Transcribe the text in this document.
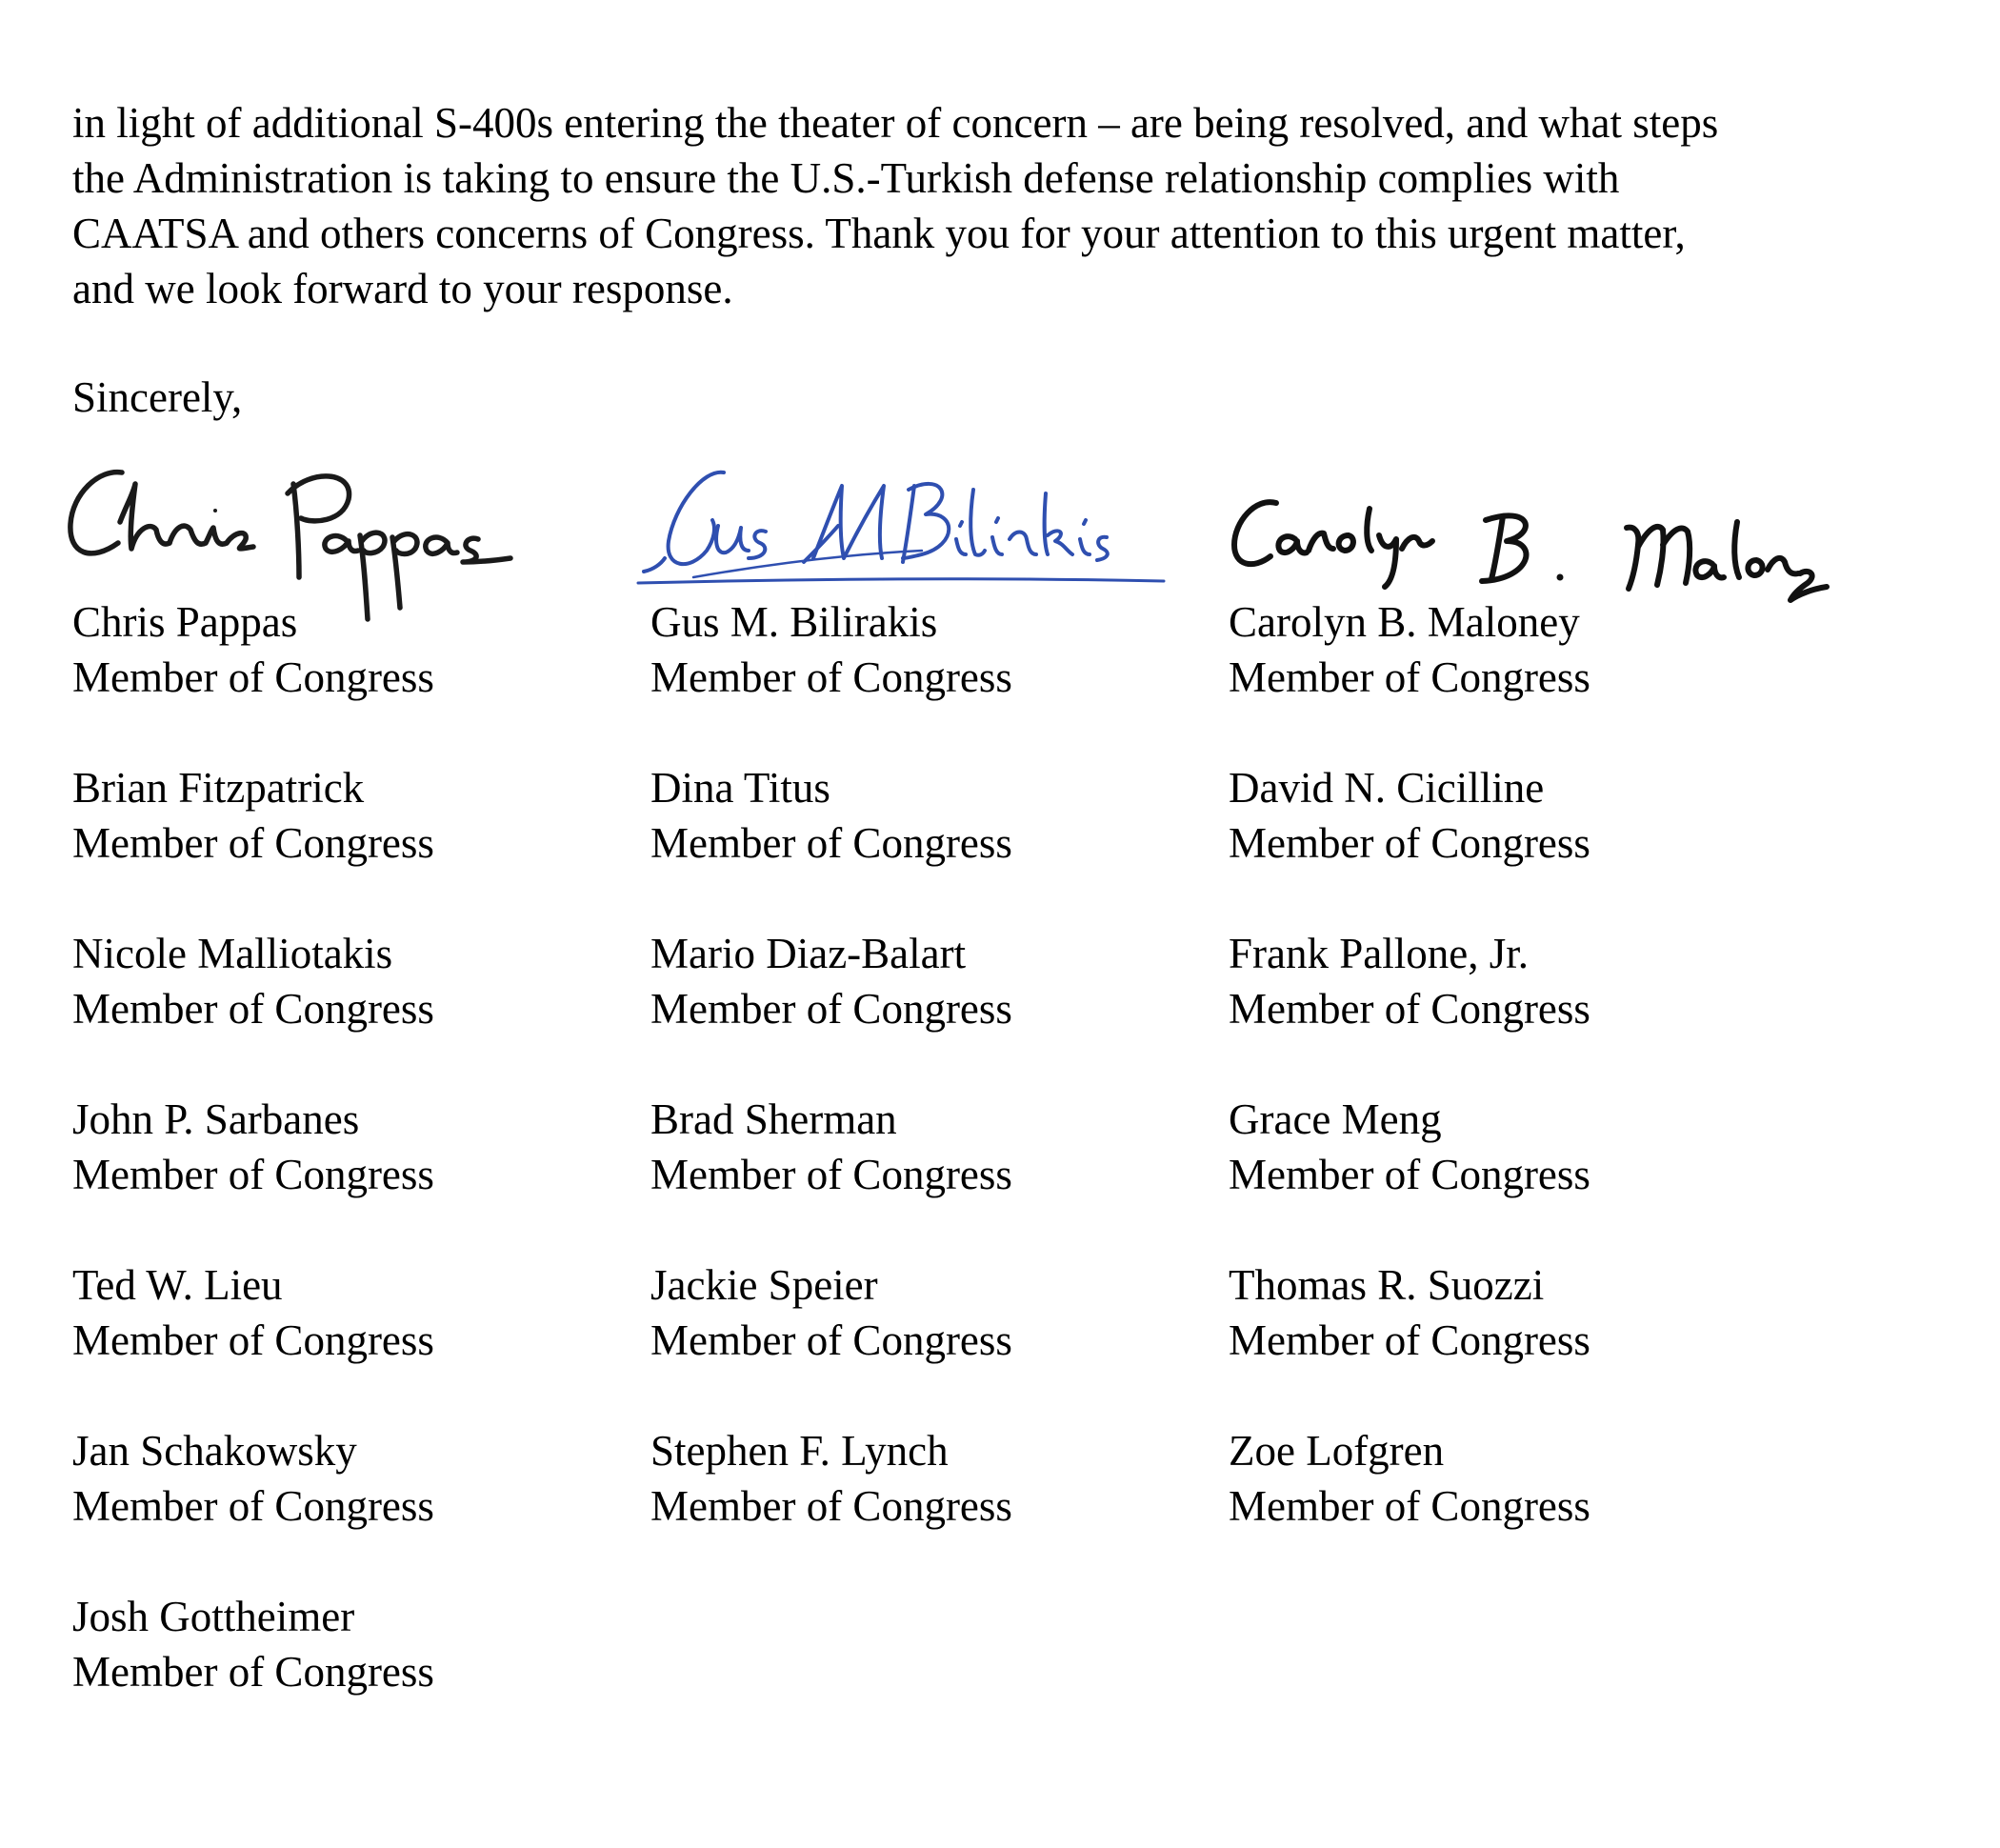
in light of additional S-400s entering the theater of concern – are being resolved, and what steps
the Administration is taking to ensure the U.S.-Turkish defense relationship complies with
CAATSA and others concerns of Congress. Thank you for your attention to this urgent matter,
and we look forward to your response.
Sincerely,
Chris Pappas
Member of Congress
Gus M. Bilirakis
Member of Congress
Carolyn B. Maloney
Member of Congress
Brian Fitzpatrick
Member of Congress
Dina Titus
Member of Congress
David N. Cicilline
Member of Congress
Nicole Malliotakis
Member of Congress
Mario Diaz-Balart
Member of Congress
Frank Pallone, Jr.
Member of Congress
John P. Sarbanes
Member of Congress
Brad Sherman
Member of Congress
Grace Meng
Member of Congress
Ted W. Lieu
Member of Congress
Jackie Speier
Member of Congress
Thomas R. Suozzi
Member of Congress
Jan Schakowsky
Member of Congress
Stephen F. Lynch
Member of Congress
Zoe Lofgren
Member of Congress
Josh Gottheimer
Member of Congress
